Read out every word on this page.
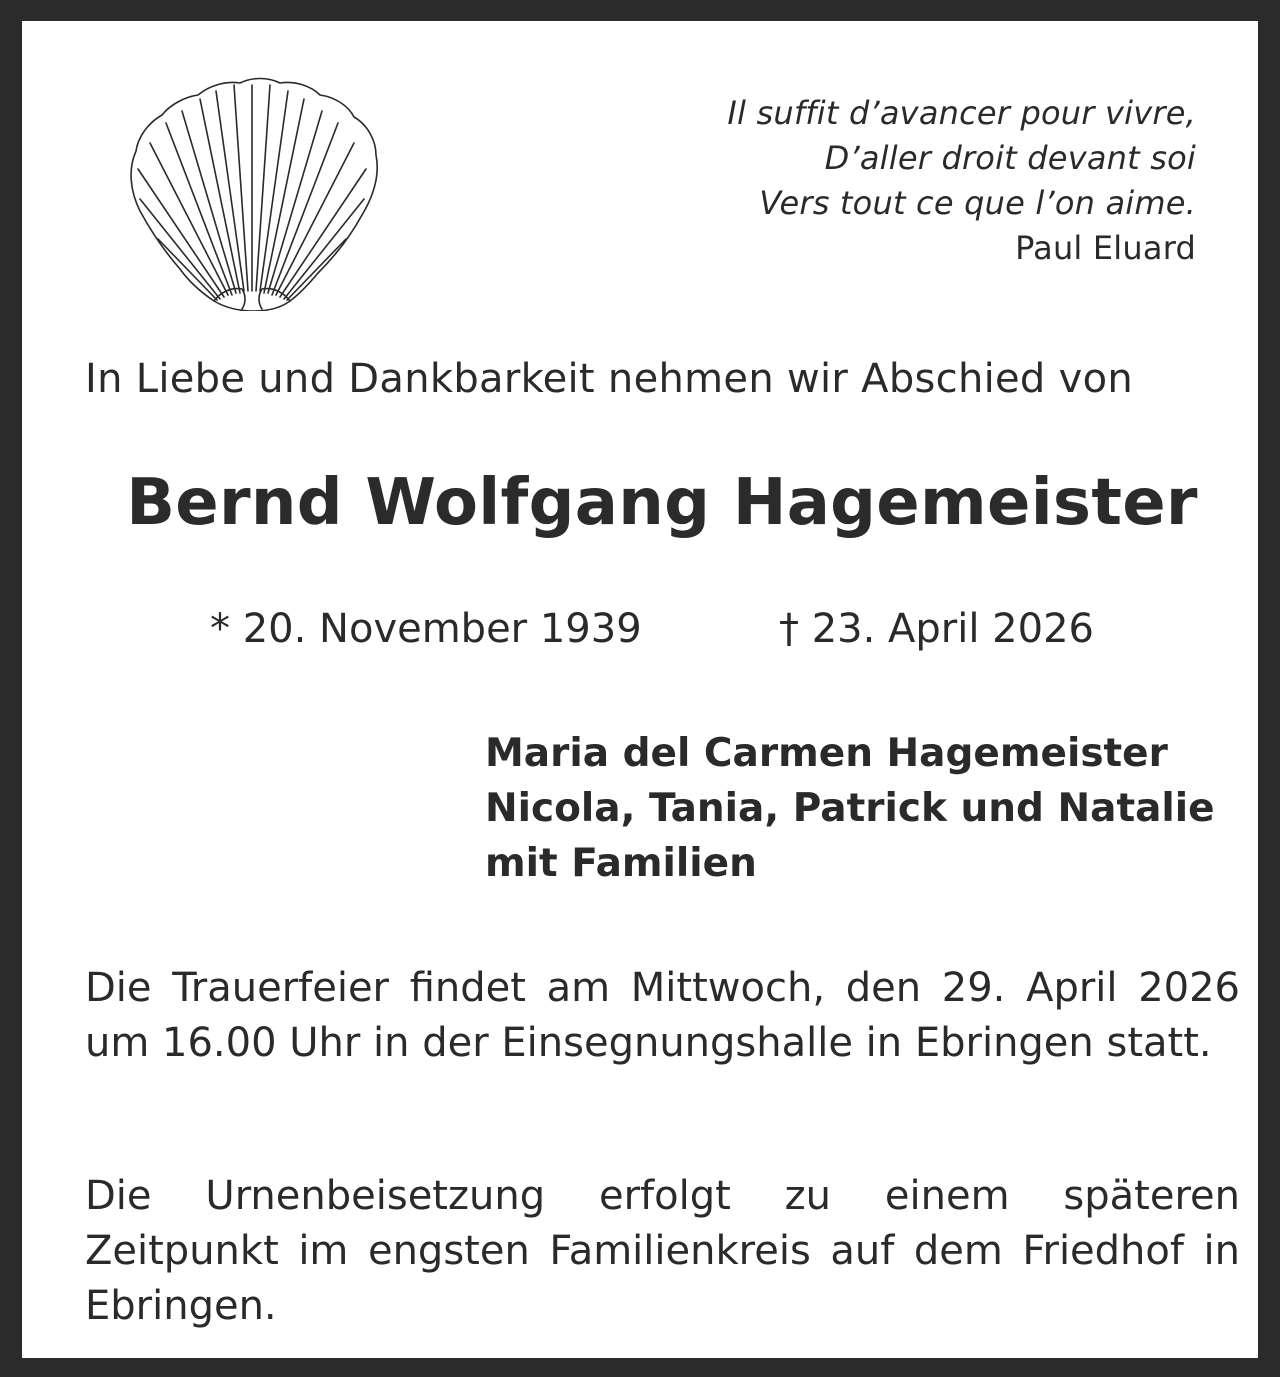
Il suffit d’avancer pour vivre,
D’aller droit devant soi
Vers tout ce que l’on aime.
Paul Eluard
In Liebe und Dankbarkeit nehmen wir Abschied von
Bernd Wolfgang Hagemeister
* 20. November 1939	† 23. April 2026
Maria del Carmen Hagemeister
Nicola, Tania, Patrick und Natalie
mit Familien
Die Trauerfeier findet am Mittwoch, den 29. April 2026 um 16.00 Uhr in der Einsegnungshalle in Ebringen statt.
Die Urnenbeisetzung erfolgt zu einem späteren Zeitpunkt im engsten Familienkreis auf dem Friedhof in Ebringen.
